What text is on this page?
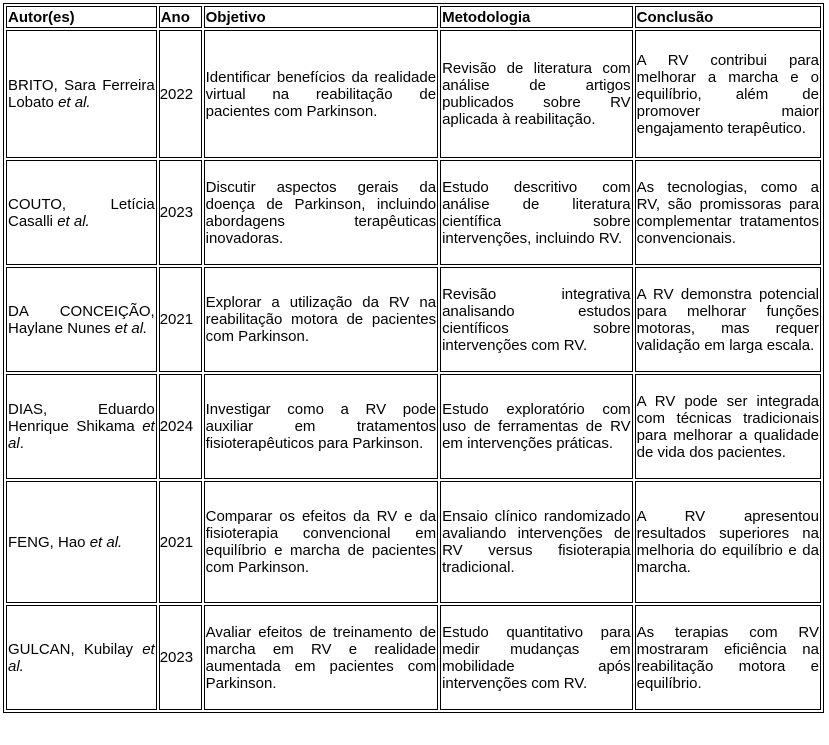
Autor(es)	Ano	Objetivo	Metodologia	Conclusão
BRITO, Sara Ferreira Lobato et al.	2022	Identificar benefícios da realidade virtual na reabilitação de pacientes com Parkinson.	Revisão de literatura com análise de artigos publicados sobre RV aplicada à reabilitação.	A RV contribui para melhorar a marcha e o equilíbrio, além de promover maior engajamento terapêutico.
COUTO, Letícia Casalli et al.	2023	Discutir aspectos gerais da doença de Parkinson, incluindo abordagens terapêuticas inovadoras.	Estudo descritivo com análise de literatura científica sobre intervenções, incluindo RV.	As tecnologias, como a RV, são promissoras para complementar tratamentos convencionais.
DA CONCEIÇÃO, Haylane Nunes et al.	2021	Explorar a utilização da RV na reabilitação motora de pacientes com Parkinson.	Revisão integrativa analisando estudos científicos sobre intervenções com RV.	A RV demonstra potencial para melhorar funções motoras, mas requer validação em larga escala.
DIAS, Eduardo Henrique Shikama et al.	2024	Investigar como a RV pode auxiliar em tratamentos fisioterapêuticos para Parkinson.	Estudo exploratório com uso de ferramentas de RV em intervenções práticas.	A RV pode ser integrada com técnicas tradicionais para melhorar a qualidade de vida dos pacientes.
FENG, Hao et al.	2021	Comparar os efeitos da RV e da fisioterapia convencional em equilíbrio e marcha de pacientes com Parkinson.	Ensaio clínico randomizado avaliando intervenções de RV versus fisioterapia tradicional.	A RV apresentou resultados superiores na melhoria do equilíbrio e da marcha.
GULCAN, Kubilay et al.	2023	Avaliar efeitos de treinamento de marcha em RV e realidade aumentada em pacientes com Parkinson.	Estudo quantitativo para medir mudanças em mobilidade após intervenções com RV.	As terapias com RV mostraram eficiência na reabilitação motora e equilíbrio.
